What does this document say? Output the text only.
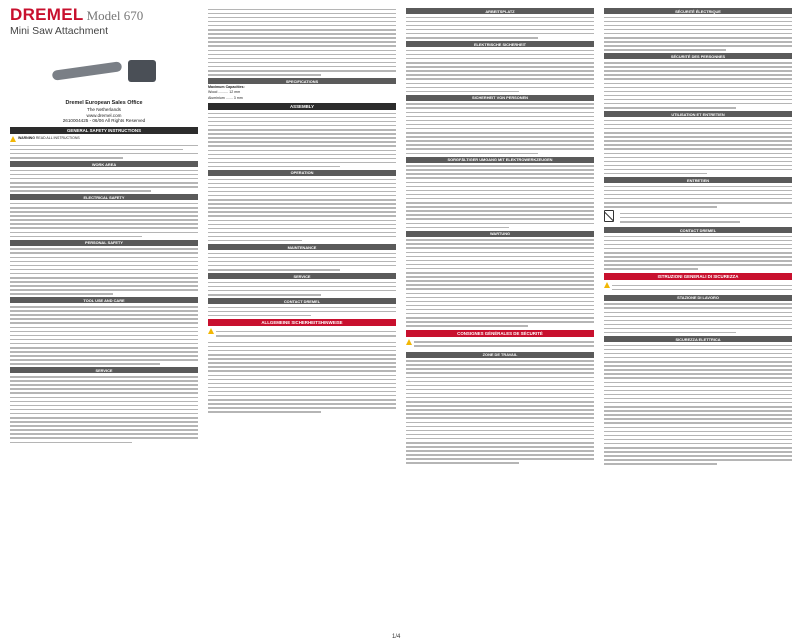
DREMEL Model 670
Mini Saw Attachment
Dremel European Sales Office
The Netherlands
www.dremel.com
2610004425 - 06/06 All Rights Reserved
GENERAL SAFETY INSTRUCTIONS
WARNING READ ALL INSTRUCTIONS
WORK AREA
ELECTRICAL SAFETY
PERSONAL SAFETY
TOOL USE AND CARE
SERVICE
SPECIFICATIONS
Maximum Capacities:
Wood .......... 12 mm
Aluminium ....... 3 mm
ASSEMBLY
OPERATION
MAINTENANCE
SERVICE
CONTACT DREMEL
ALLGEMEINE SICHERHEITSHINWEISE
ARBEITSPLATZ
ELEKTRISCHE SICHERHEIT
SICHERHEIT VON PERSONEN
SORGFÄLTIGER UMGANG MIT ELEKTROWERKZEUGEN
WARTUNG
CONSIGNES GÉNÉRALES DE SÉCURITÉ
ZONE DE TRAVAIL
SÉCURITÉ ÉLECTRIQUE
SÉCURITÉ DES PERSONNES
UTILISATION ET ENTRETIEN
ENTRETIEN
CONTACT DREMEL
ISTRUZIONI GENERALI DI SICUREZZA
STAZIONE DI LAVORO
SICUREZZA ELETTRICA
1/4
